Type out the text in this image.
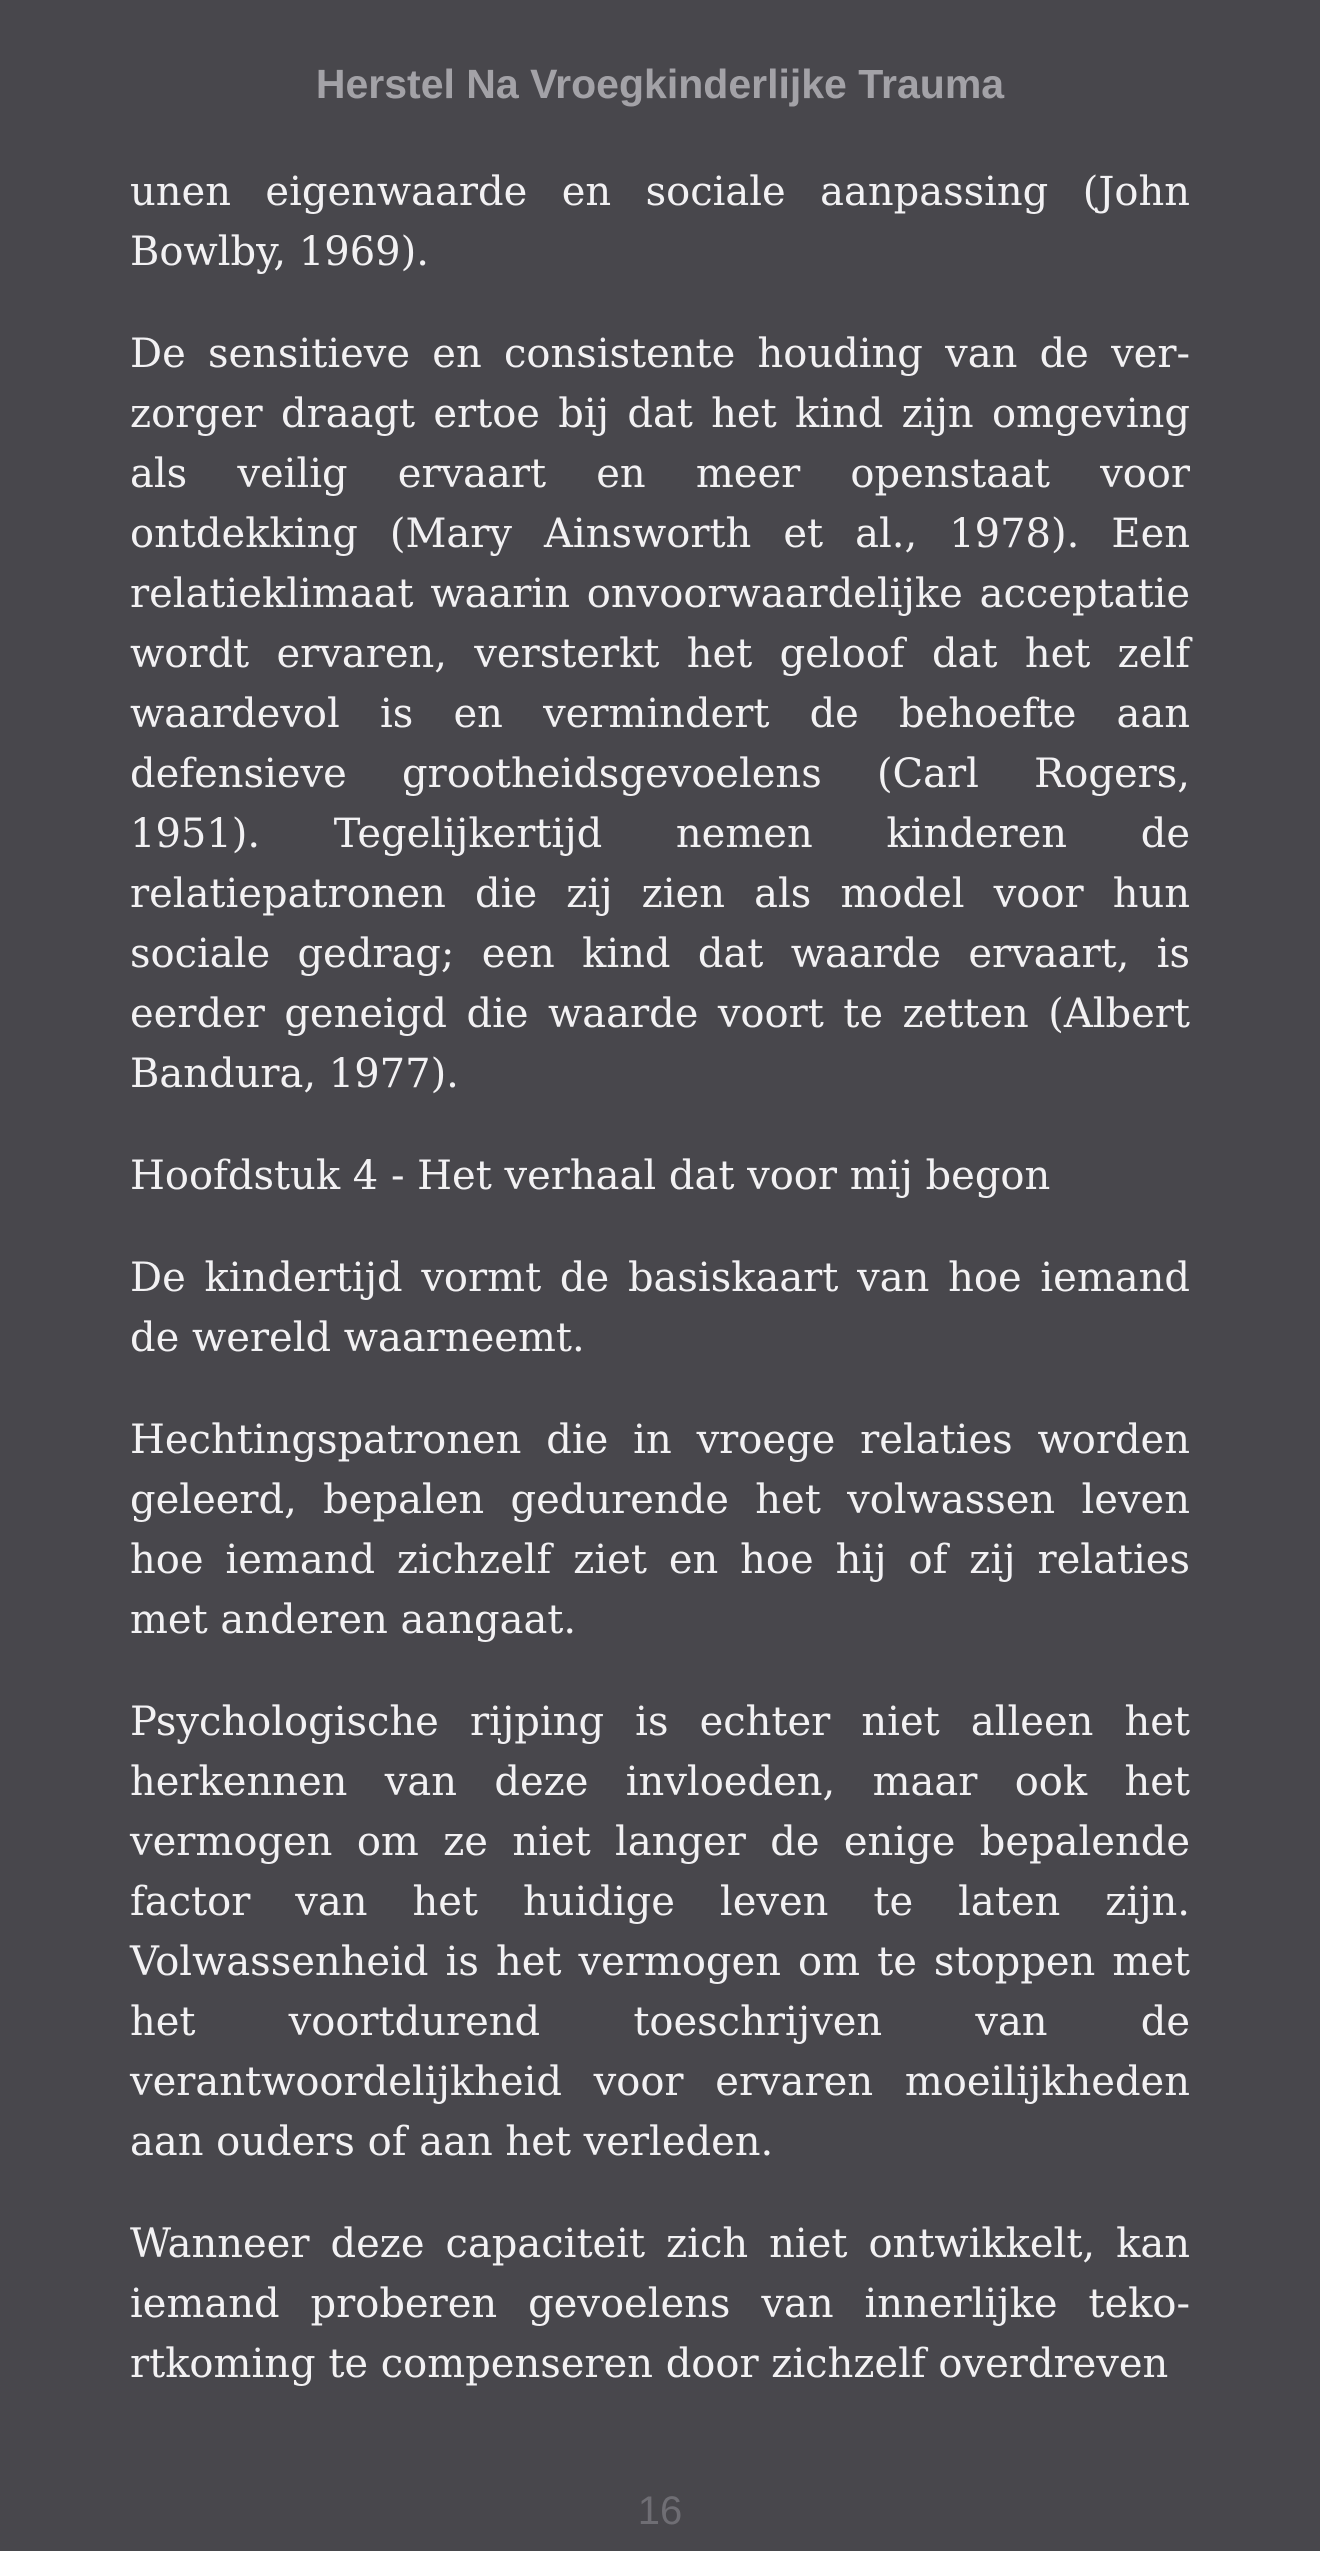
Herstel Na Vroegkinderlijke Trauma

unen eigenwaarde en sociale aanpassing (John Bowlby, 1969).

De sensitieve en consistente houding van de verzorger draagt ertoe bij dat het kind zijn omgeving als veilig ervaart en meer openstaat voor ontdekking (Mary Ainsworth et al., 1978). Een relatieklimaat waarin onvoorwaardelijke acceptatie wordt ervaren, versterkt het geloof dat het zelf waardevol is en vermindert de behoefte aan defensieve grootheidsgevoelens (Carl Rogers, 1951). Tegelijkertijd nemen kinderen de relatiepatronen die zij zien als model voor hun sociale gedrag; een kind dat waarde ervaart, is eerder geneigd die waarde voort te zetten (Albert Bandura, 1977).

Hoofdstuk 4 - Het verhaal dat voor mij begon

De kindertijd vormt de basiskaart van hoe iemand de wereld waarneemt.

Hechtingspatronen die in vroege relaties worden geleerd, bepalen gedurende het volwassen leven hoe iemand zichzelf ziet en hoe hij of zij relaties met anderen aangaat.

Psychologische rijping is echter niet alleen het herkennen van deze invloeden, maar ook het vermogen om ze niet langer de enige bepalende factor van het huidige leven te laten zijn. Volwassenheid is het vermogen om te stoppen met het voortdurend toeschrijven van de verantwoordelijkheid voor ervaren moeilijkheden aan ouders of aan het verleden.

Wanneer deze capaciteit zich niet ontwikkelt, kan iemand proberen gevoelens van innerlijke tekortkoming te compenseren door zichzelf overdreven

16
